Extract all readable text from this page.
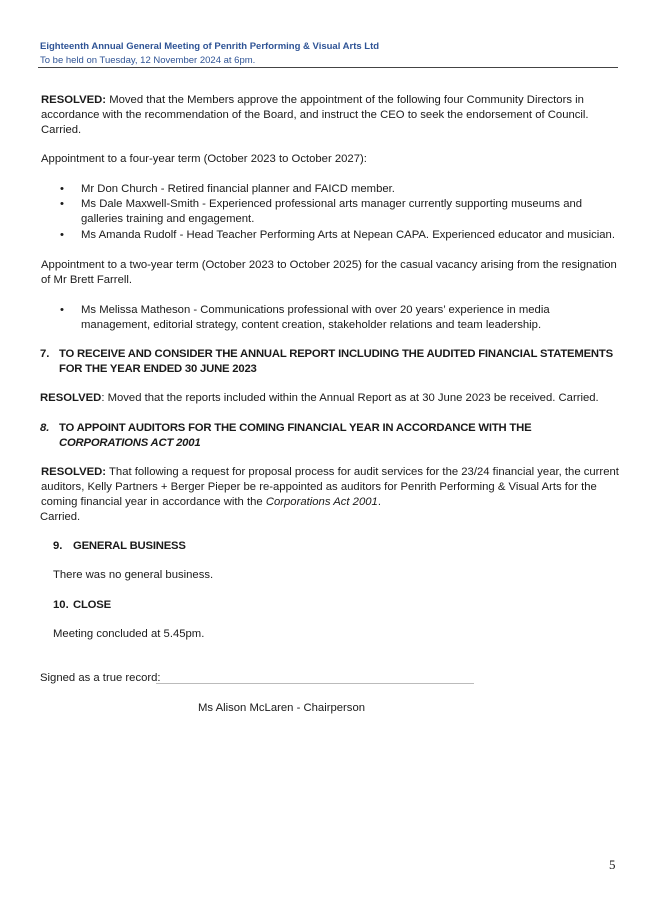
Eighteenth Annual General Meeting of Penrith Performing & Visual Arts Ltd
To be held on Tuesday, 12 November 2024 at 6pm.

RESOLVED: Moved that the Members approve the appointment of the following four Community Directors in accordance with the recommendation of the Board, and instruct the CEO to seek the endorsement of Council. Carried.

Appointment to a four-year term (October 2023 to October 2027):

• Mr Don Church - Retired financial planner and FAICD member.

• Ms Dale Maxwell-Smith - Experienced professional arts manager currently supporting museums and galleries training and engagement.

• Ms Amanda Rudolf - Head Teacher Performing Arts at Nepean CAPA. Experienced educator and musician.

Appointment to a two-year term (October 2023 to October 2025) for the casual vacancy arising from the resignation of Mr Brett Farrell.

• Ms Melissa Matheson - Communications professional with over 20 years’ experience in media management, editorial strategy, content creation, stakeholder relations and team leadership.

7. TO RECEIVE AND CONSIDER THE ANNUAL REPORT INCLUDING THE AUDITED FINANCIAL STATEMENTS FOR THE YEAR ENDED 30 JUNE 2023

RESOLVED: Moved that the reports included within the Annual Report as at 30 June 2023 be received. Carried.

8. TO APPOINT AUDITORS FOR THE COMING FINANCIAL YEAR IN ACCORDANCE WITH THE
CORPORATIONS ACT 2001

RESOLVED: That following a request for proposal process for audit services for the 23/24 financial year, the current auditors, Kelly Partners + Berger Pieper be re-appointed as auditors for Penrith Performing & Visual Arts for the coming financial year in accordance with the Corporations Act 2001.

Carried.

9. GENERAL BUSINESS

There was no general business.

10. CLOSE

Meeting concluded at 5.45pm.

Signed as a true record:

Ms Alison McLaren - Chairperson

5
